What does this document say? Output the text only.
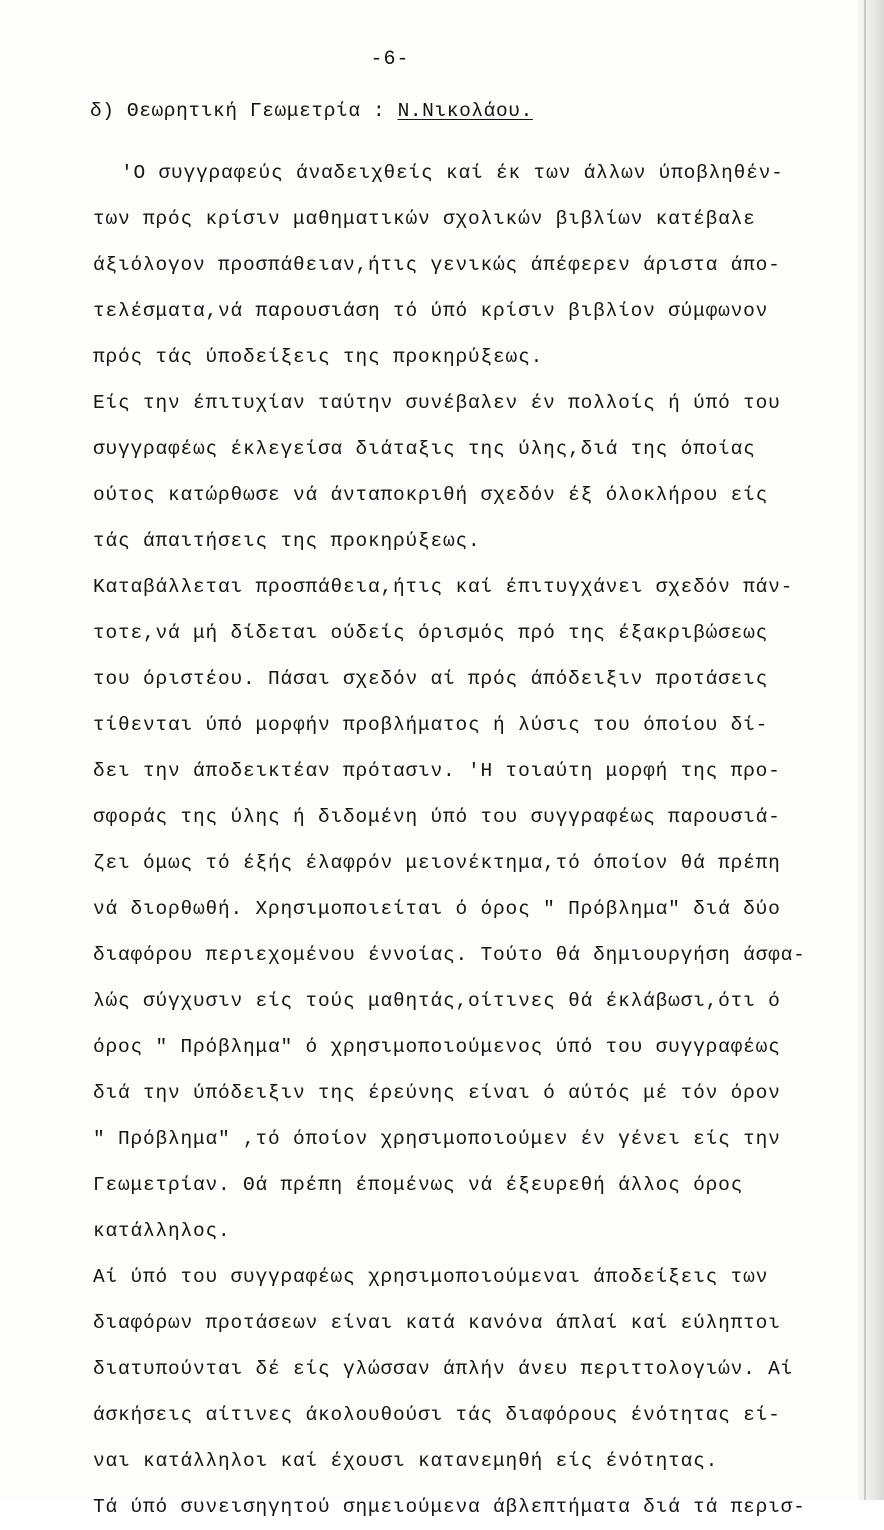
-6-
δ) Θεωρητική Γεωμετρία : Ν.Νικολάου.
'Ο συγγραφεύς άναδειχθείς καί έκ των άλλων ύποβληθέν-
των πρός κρίσιν μαθηματικών σχολικών βιβλίων κατέβαλε
άξιόλογον προσπάθειαν,ήτις γενικώς άπέφερεν άριστα άπο-
τελέσματα,νά παρουσιάση τό ύπό κρίσιν βιβλίον σύμφωνον
πρός τάς ύποδείξεις της προκηρύξεως.
Είς την έπιτυχίαν ταύτην συνέβαλεν έν πολλοίς ή ύπό του
συγγραφέως έκλεγείσα διάταξις της ύλης,διά της όποίας
ούτος κατώρθωσε νά άνταποκριθή σχεδόν έξ όλοκλήρου είς
τάς άπαιτήσεις της προκηρύξεως.
Καταβάλλεται προσπάθεια,ήτις καί έπιτυγχάνει σχεδόν πάν-
τοτε,νά μή δίδεται ούδείς όρισμός πρό της έξακριβώσεως
του όριστέου. Πάσαι σχεδόν αί πρός άπόδειξιν προτάσεις
τίθενται ύπό μορφήν προβλήματος ή λύσις του όποίου δί-
δει την άποδεικτέαν πρότασιν. 'Η τοιαύτη μορφή της προ-
σφοράς της ύλης ή διδομένη ύπό του συγγραφέως παρουσιά-
ζει όμως τό έξής έλαφρόν μειονέκτημα,τό όποίον θά πρέπη
νά διορθωθή. Χρησιμοποιείται ό όρος " Πρόβλημα" διά δύο
διαφόρου περιεχομένου έννοίας. Τούτο θά δημιουργήση άσφα-
λώς σύγχυσιν είς τούς μαθητάς,οίτινες θά έκλάβωσι,ότι ό
όρος " Πρόβλημα" ό χρησιμοποιούμενος ύπό του συγγραφέως
διά την ύπόδειξιν της έρεύνης είναι ό αύτός μέ τόν όρον
" Πρόβλημα" ,τό όποίον χρησιμοποιούμεν έν γένει είς την
Γεωμετρίαν. Θά πρέπη έπομένως νά έξευρεθή άλλος όρος
κατάλληλος.
Αί ύπό του συγγραφέως χρησιμοποιούμεναι άποδείξεις των
διαφόρων προτάσεων είναι κατά κανόνα άπλαί καί εύληπτοι
διατυπούνται δέ είς γλώσσαν άπλήν άνευ περιττολογιών. Αί
άσκήσεις αίτινες άκολουθούσι τάς διαφόρους ένότητας εί-
ναι κατάλληλοι καί έχουσι κατανεμηθή είς ένότητας.
Τά ύπό συνεισηγητού σημειούμενα άβλεπτήματα διά τά περισ-
